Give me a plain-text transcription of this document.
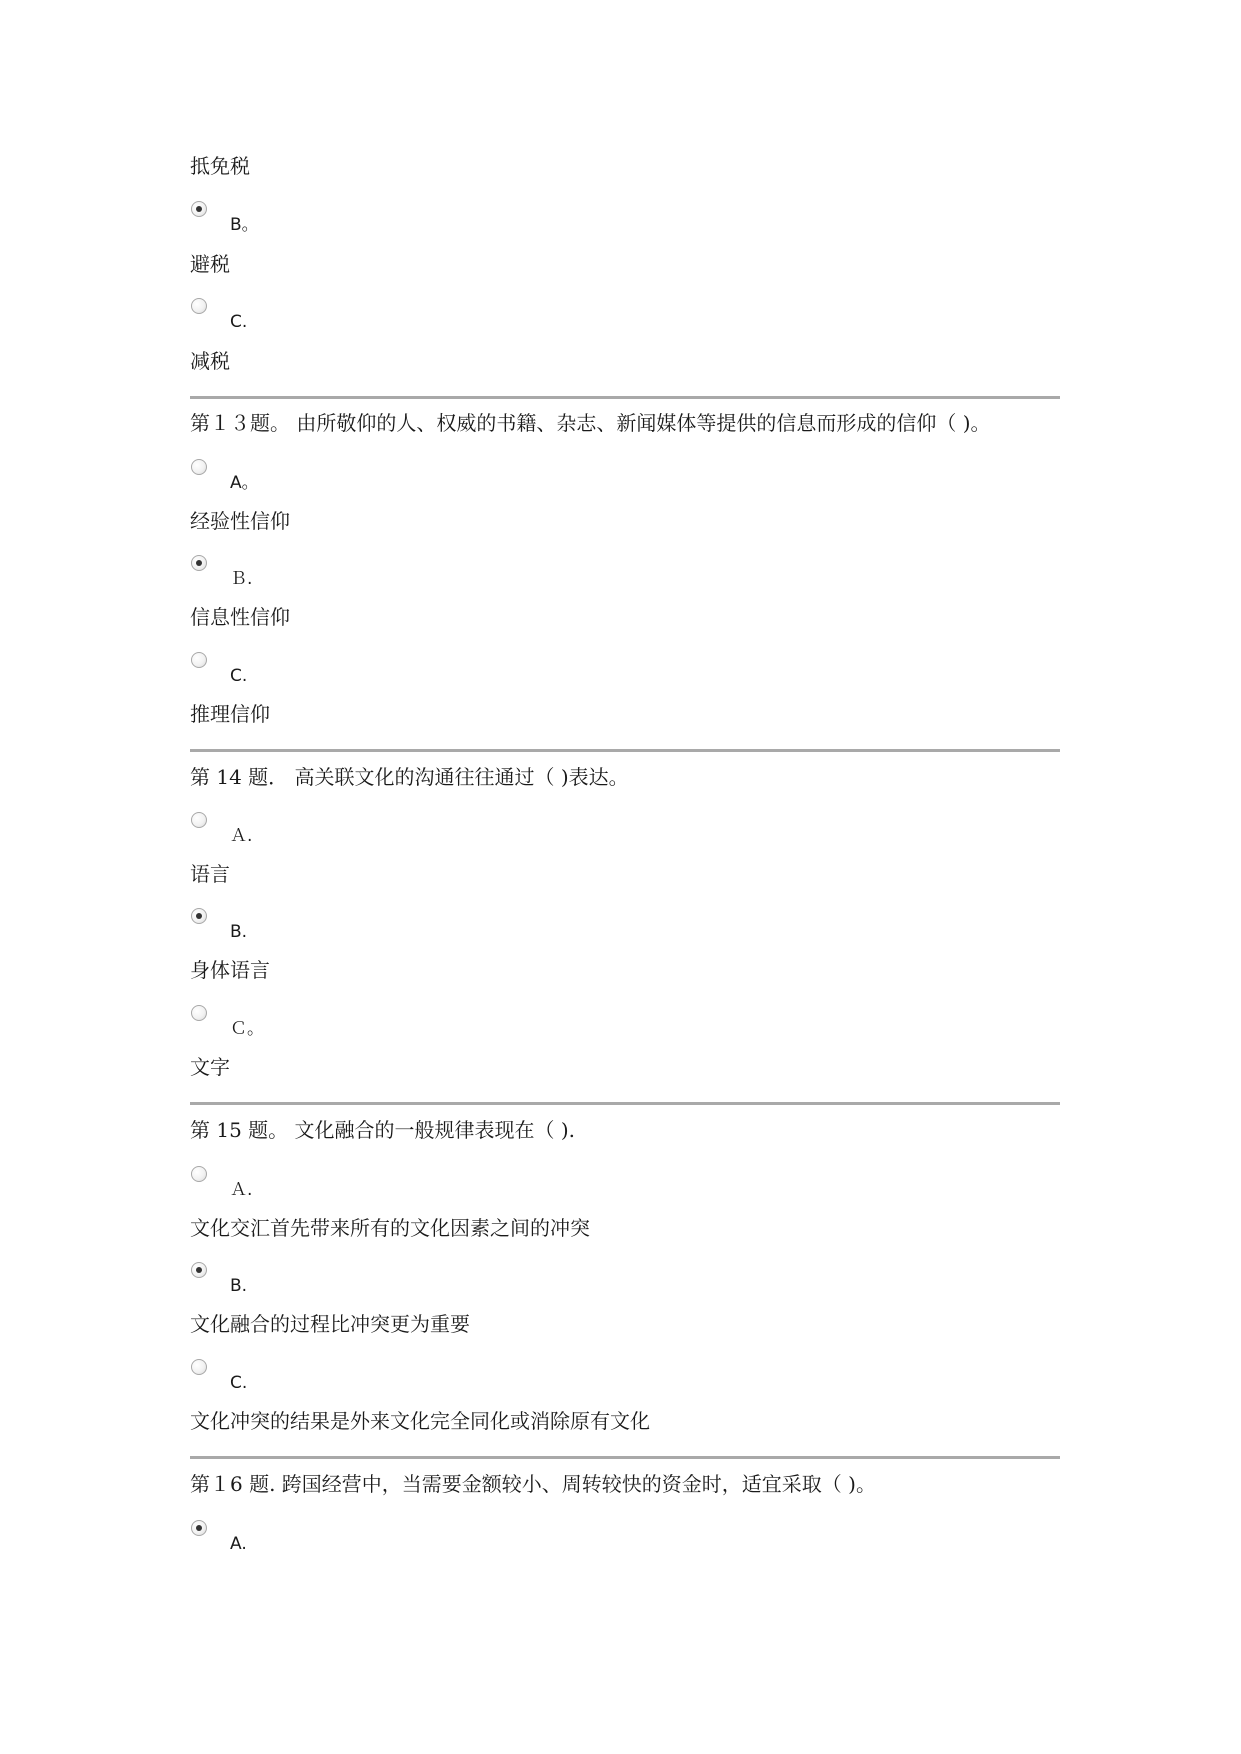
抵免税
B。
避税
C.
减税
第１３题。 由所敬仰的人、权威的书籍、杂志、新闻媒体等提供的信息而形成的信仰（ )。
A。
经验性信仰
Ｂ.
信息性信仰
C.
推理信仰
第 14 题． 高关联文化的沟通往往通过（ )表达。
Ａ.
语言
B.
身体语言
Ｃ。
文字
第 15 题。 文化融合的一般规律表现在（ ).
Ａ.
文化交汇首先带来所有的文化因素之间的冲突
B.
文化融合的过程比冲突更为重要
C.
文化冲突的结果是外来文化完全同化或消除原有文化
第１6 题. 跨国经营中，当需要金额较小、周转较快的资金时，适宜采取（ )。
A.
